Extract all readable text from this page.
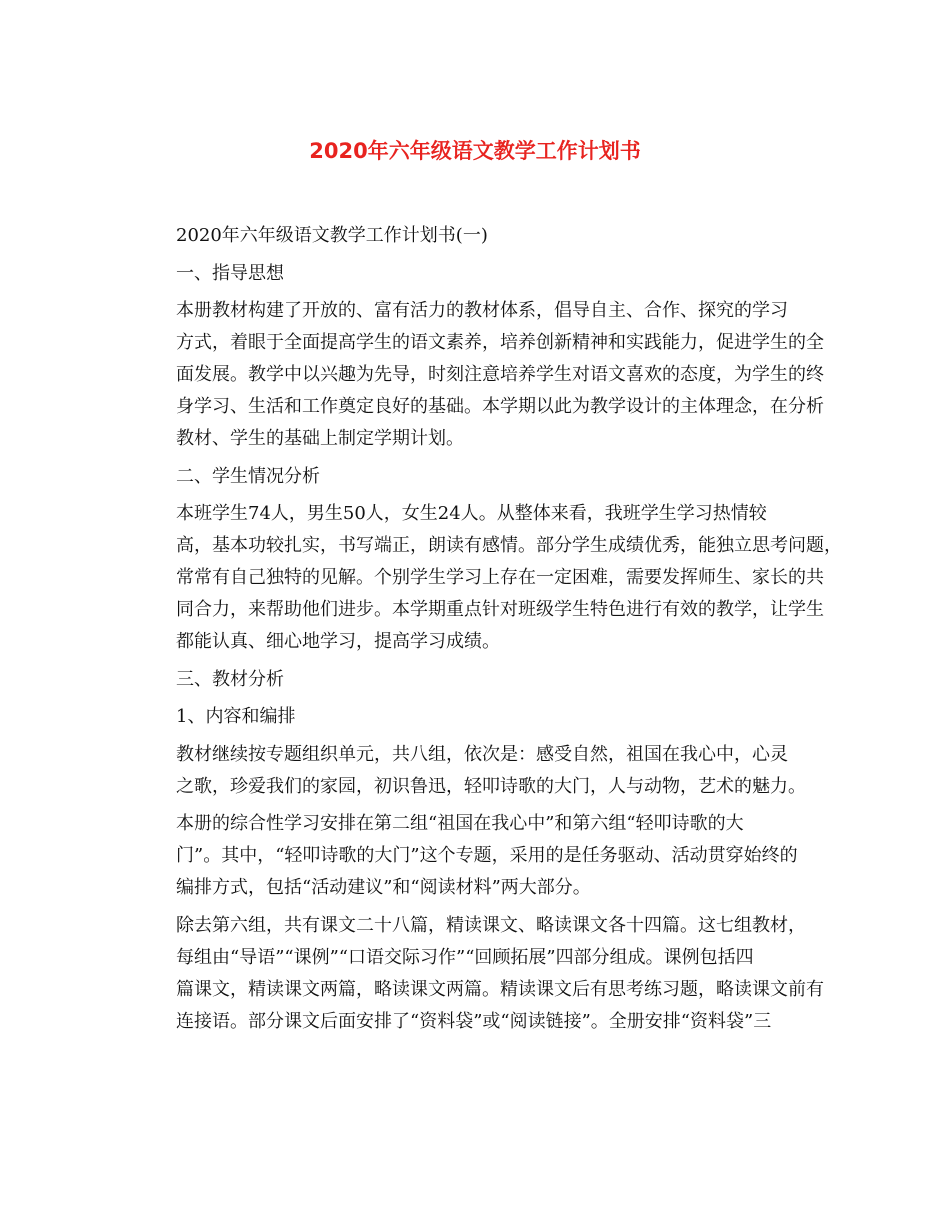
2020年六年级语文教学工作计划书

2020年六年级语文教学工作计划书(一)

一、指导思想

本册教材构建了开放的、富有活力的教材体系，倡导自主、合作、探究的学习
方式，着眼于全面提高学生的语文素养，培养创新精神和实践能力，促进学生的全
面发展。教学中以兴趣为先导，时刻注意培养学生对语文喜欢的态度，为学生的终
身学习、生活和工作奠定良好的基础。本学期以此为教学设计的主体理念，在分析
教材、学生的基础上制定学期计划。

二、学生情况分析

本班学生74人，男生50人，女生24人。从整体来看，我班学生学习热情较
高，基本功较扎实，书写端正，朗读有感情。部分学生成绩优秀，能独立思考问题，
常常有自己独特的见解。个别学生学习上存在一定困难，需要发挥师生、家长的共
同合力，来帮助他们进步。本学期重点针对班级学生特色进行有效的教学，让学生
都能认真、细心地学习，提高学习成绩。

三、教材分析

1、内容和编排

教材继续按专题组织单元，共八组，依次是：感受自然，祖国在我心中，心灵
之歌，珍爱我们的家园，初识鲁迅，轻叩诗歌的大门，人与动物，艺术的魅力。

本册的综合性学习安排在第二组“祖国在我心中”和第六组“轻叩诗歌的大
门”。其中，“轻叩诗歌的大门”这个专题，采用的是任务驱动、活动贯穿始终的
编排方式，包括“活动建议”和“阅读材料”两大部分。

除去第六组，共有课文二十八篇，精读课文、略读课文各十四篇。这七组教材，
每组由“导语”“课例”“口语交际习作”“回顾拓展”四部分组成。课例包括四
篇课文，精读课文两篇，略读课文两篇。精读课文后有思考练习题，略读课文前有
连接语。部分课文后面安排了“资料袋”或“阅读链接”。全册安排“资料袋”三
